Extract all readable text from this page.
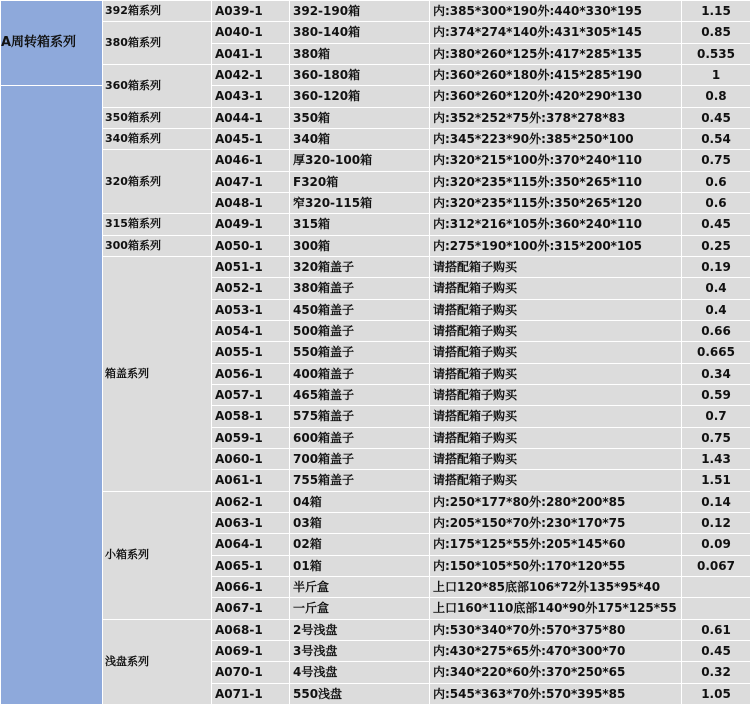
A周转箱系列	392箱系列	A039-1	392-190箱	内:385*300*190外:440*330*195	1.15
	380箱系列	A040-1	380-140箱	内:374*274*140外:431*305*145	0.85
		A041-1	380箱	内:380*260*125外:417*285*135	0.535
	360箱系列	A042-1	360-180箱	内:360*260*180外:415*285*190	1
		A043-1	360-120箱	内:360*260*120外:420*290*130	0.8
	350箱系列	A044-1	350箱	内:352*252*75外:378*278*83	0.45
	340箱系列	A045-1	340箱	内:345*223*90外:385*250*100	0.54
	320箱系列	A046-1	厚320-100箱	内:320*215*100外:370*240*110	0.75
		A047-1	F320箱	内:320*235*115外:350*265*110	0.6
		A048-1	窄320-115箱	内:320*235*115外:350*265*120	0.6
	315箱系列	A049-1	315箱	内:312*216*105外:360*240*110	0.45
	300箱系列	A050-1	300箱	内:275*190*100外:315*200*105	0.25
	箱盖系列	A051-1	320箱盖子	请搭配箱子购买	0.19
		A052-1	380箱盖子	请搭配箱子购买	0.4
		A053-1	450箱盖子	请搭配箱子购买	0.4
		A054-1	500箱盖子	请搭配箱子购买	0.66
		A055-1	550箱盖子	请搭配箱子购买	0.665
		A056-1	400箱盖子	请搭配箱子购买	0.34
		A057-1	465箱盖子	请搭配箱子购买	0.59
		A058-1	575箱盖子	请搭配箱子购买	0.7
		A059-1	600箱盖子	请搭配箱子购买	0.75
		A060-1	700箱盖子	请搭配箱子购买	1.43
		A061-1	755箱盖子	请搭配箱子购买	1.51
	小箱系列	A062-1	04箱	内:250*177*80外:280*200*85	0.14
		A063-1	03箱	内:205*150*70外:230*170*75	0.12
		A064-1	02箱	内:175*125*55外:205*145*60	0.09
		A065-1	01箱	内:150*105*50外:170*120*55	0.067
		A066-1	半斤盒	上口120*85底部106*72外135*95*40	
		A067-1	一斤盒	上口160*110底部140*90外175*125*55	
	浅盘系列	A068-1	2号浅盘	内:530*340*70外:570*375*80	0.61
		A069-1	3号浅盘	内:430*275*65外:470*300*70	0.45
		A070-1	4号浅盘	内:340*220*60外:370*250*65	0.32
		A071-1	550浅盘	内:545*363*70外:570*395*85	1.05
